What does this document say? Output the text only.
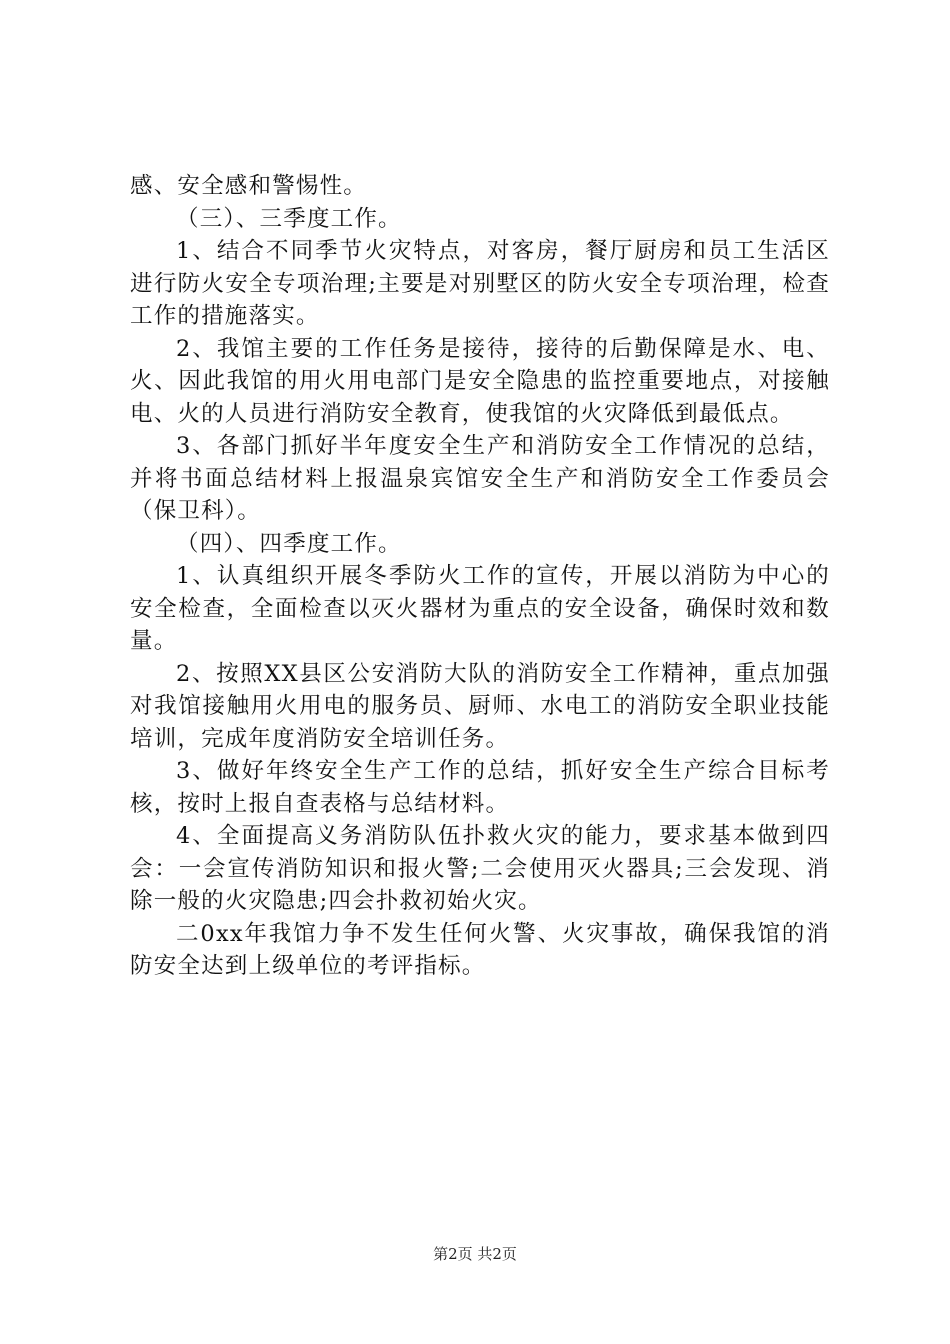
感、安全感和警惕性。

（三）、三季度工作。

1、结合不同季节火灾特点，对客房，餐厅厨房和员工生活区进行防火安全专项治理;主要是对别墅区的防火安全专项治理，检查工作的措施落实。

2、我馆主要的工作任务是接待，接待的后勤保障是水、电、火、因此我馆的用火用电部门是安全隐患的监控重要地点，对接触电、火的人员进行消防安全教育，使我馆的火灾降低到最低点。

3、各部门抓好半年度安全生产和消防安全工作情况的总结，并将书面总结材料上报温泉宾馆安全生产和消防安全工作委员会（保卫科）。

（四）、四季度工作。

1、认真组织开展冬季防火工作的宣传，开展以消防为中心的安全检查，全面检查以灭火器材为重点的安全设备，确保时效和数量。

2、按照XX县区公安消防大队的消防安全工作精神，重点加强对我馆接触用火用电的服务员、厨师、水电工的消防安全职业技能培训，完成年度消防安全培训任务。

3、做好年终安全生产工作的总结，抓好安全生产综合目标考核，按时上报自查表格与总结材料。

4、全面提高义务消防队伍扑救火灾的能力，要求基本做到四会：一会宣传消防知识和报火警;二会使用灭火器具;三会发现、消除一般的火灾隐患;四会扑救初始火灾。

二0xx年我馆力争不发生任何火警、火灾事故，确保我馆的消防安全达到上级单位的考评指标。

第2页 共2页
